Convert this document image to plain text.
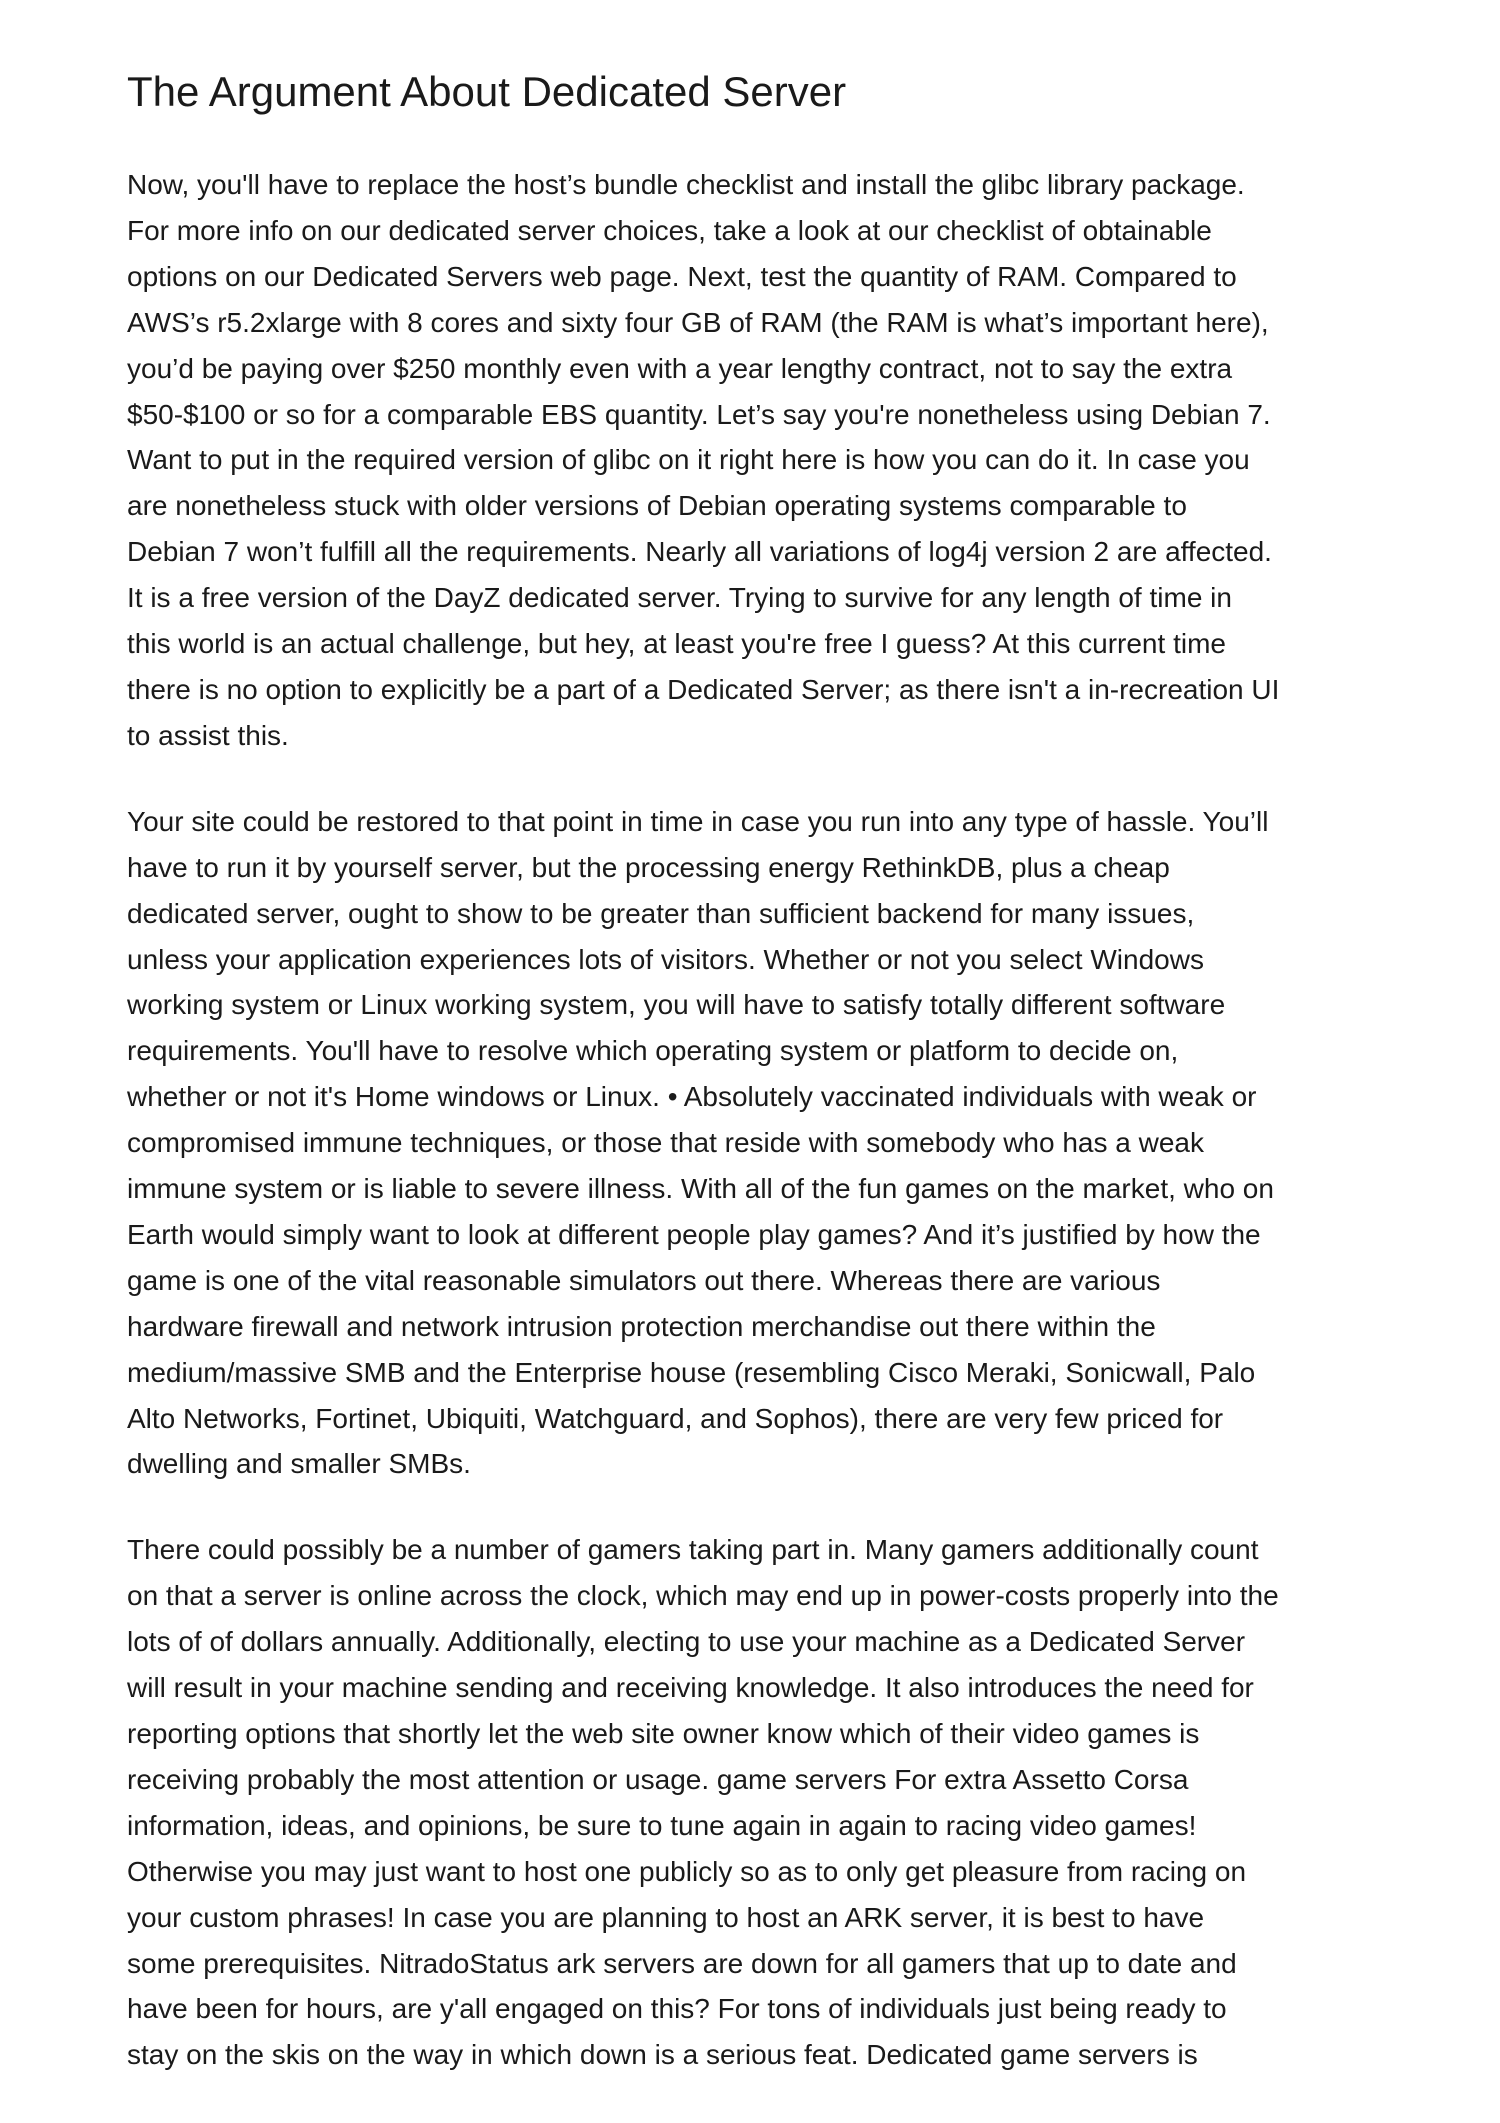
The Argument About Dedicated Server

Now, you'll have to replace the host’s bundle checklist and install the glibc library package.
For more info on our dedicated server choices, take a look at our checklist of obtainable
options on our Dedicated Servers web page. Next, test the quantity of RAM. Compared to
AWS’s r5.2xlarge with 8 cores and sixty four GB of RAM (the RAM is what’s important here),
you’d be paying over $250 monthly even with a year lengthy contract, not to say the extra
$50-$100 or so for a comparable EBS quantity. Let’s say you're nonetheless using Debian 7.
Want to put in the required version of glibc on it right here is how you can do it. In case you
are nonetheless stuck with older versions of Debian operating systems comparable to
Debian 7 won’t fulfill all the requirements. Nearly all variations of log4j version 2 are affected.
It is a free version of the DayZ dedicated server. Trying to survive for any length of time in
this world is an actual challenge, but hey, at least you're free I guess? At this current time
there is no option to explicitly be a part of a Dedicated Server; as there isn't a in-recreation UI
to assist this.

Your site could be restored to that point in time in case you run into any type of hassle. You’ll
have to run it by yourself server, but the processing energy RethinkDB, plus a cheap
dedicated server, ought to show to be greater than sufficient backend for many issues,
unless your application experiences lots of visitors. Whether or not you select Windows
working system or Linux working system, you will have to satisfy totally different software
requirements. You'll have to resolve which operating system or platform to decide on,
whether or not it's Home windows or Linux. • Absolutely vaccinated individuals with weak or
compromised immune techniques, or those that reside with somebody who has a weak
immune system or is liable to severe illness. With all of the fun games on the market, who on
Earth would simply want to look at different people play games? And it’s justified by how the
game is one of the vital reasonable simulators out there. Whereas there are various
hardware firewall and network intrusion protection merchandise out there within the
medium/massive SMB and the Enterprise house (resembling Cisco Meraki, Sonicwall, Palo
Alto Networks, Fortinet, Ubiquiti, Watchguard, and Sophos), there are very few priced for
dwelling and smaller SMBs.

There could possibly be a number of gamers taking part in. Many gamers additionally count
on that a server is online across the clock, which may end up in power-costs properly into the
lots of of dollars annually. Additionally, electing to use your machine as a Dedicated Server
will result in your machine sending and receiving knowledge. It also introduces the need for
reporting options that shortly let the web site owner know which of their video games is
receiving probably the most attention or usage. game servers For extra Assetto Corsa
information, ideas, and opinions, be sure to tune again in again to racing video games!
Otherwise you may just want to host one publicly so as to only get pleasure from racing on
your custom phrases! In case you are planning to host an ARK server, it is best to have
some prerequisites. NitradoStatus ark servers are down for all gamers that up to date and
have been for hours, are y'all engaged on this? For tons of individuals just being ready to
stay on the skis on the way in which down is a serious feat. Dedicated game servers is
